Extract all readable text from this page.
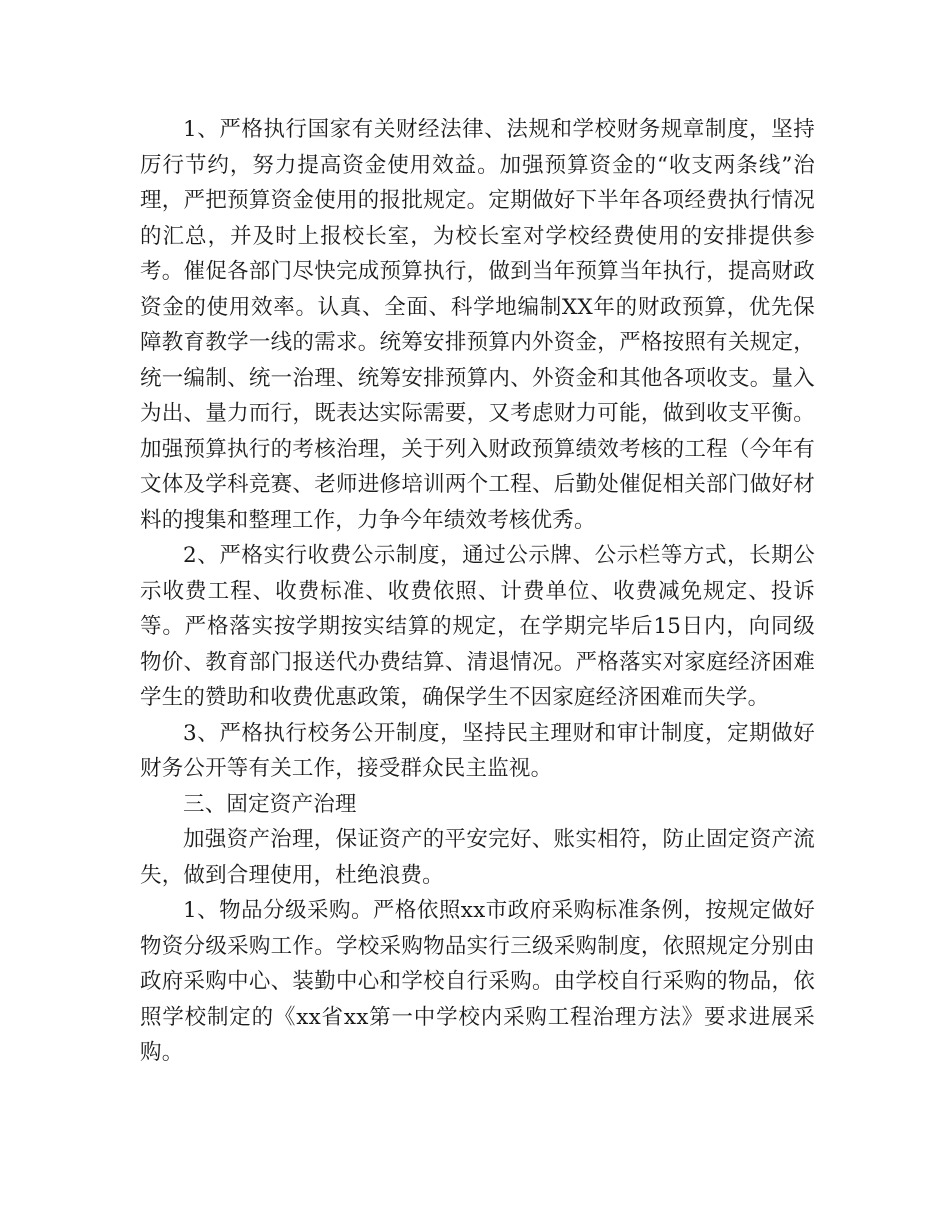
1、严格执行国家有关财经法律、法规和学校财务规章制度，坚持厉行节约，努力提高资金使用效益。加强预算资金的“收支两条线”治理，严把预算资金使用的报批规定。定期做好下半年各项经费执行情况的汇总，并及时上报校长室，为校长室对学校经费使用的安排提供参考。催促各部门尽快完成预算执行，做到当年预算当年执行，提高财政资金的使用效率。认真、全面、科学地编制XX年的财政预算，优先保障教育教学一线的需求。统筹安排预算内外资金，严格按照有关规定，统一编制、统一治理、统筹安排预算内、外资金和其他各项收支。量入为出、量力而行，既表达实际需要，又考虑财力可能，做到收支平衡。加强预算执行的考核治理，关于列入财政预算绩效考核的工程（今年有文体及学科竞赛、老师进修培训两个工程、后勤处催促相关部门做好材料的搜集和整理工作，力争今年绩效考核优秀。

2、严格实行收费公示制度，通过公示牌、公示栏等方式，长期公示收费工程、收费标准、收费依照、计费单位、收费减免规定、投诉等。严格落实按学期按实结算的规定，在学期完毕后15日内，向同级物价、教育部门报送代办费结算、清退情况。严格落实对家庭经济困难学生的赞助和收费优惠政策，确保学生不因家庭经济困难而失学。

3、严格执行校务公开制度，坚持民主理财和审计制度，定期做好财务公开等有关工作，接受群众民主监视。

三、固定资产治理

加强资产治理，保证资产的平安完好、账实相符，防止固定资产流失，做到合理使用，杜绝浪费。

1、物品分级采购。严格依照xx市政府采购标准条例，按规定做好物资分级采购工作。学校采购物品实行三级采购制度，依照规定分别由政府采购中心、装勤中心和学校自行采购。由学校自行采购的物品，依照学校制定的《xx省xx第一中学校内采购工程治理方法》要求进展采购。
